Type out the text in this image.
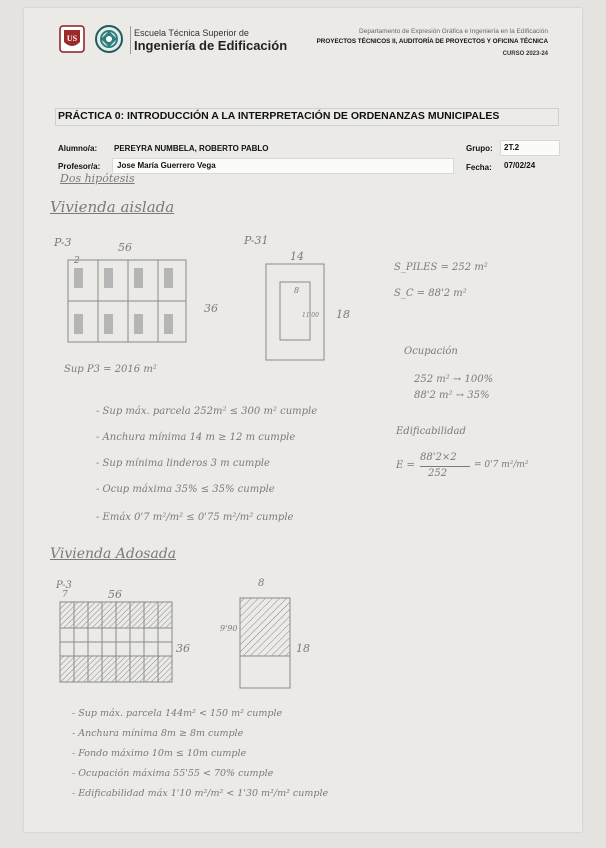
US
Escuela Técnica Superior de
Ingeniería de Edificación
Departamento de Expresión Gráfica e Ingeniería en la Edificación
PROYECTOS TÉCNICOS II, AUDITORÍA DE PROYECTOS Y OFICINA TÉCNICA
CURSO 2023-24
PRÁCTICA 0: INTRODUCCIÓN A LA INTERPRETACIÓN DE ORDENANZAS MUNICIPALES
Alumno/a: PEREYRA NUMBELA, ROBERTO PABLO	Grupo: 2T.2
Profesor/a: Jose María Guerrero Vega	Fecha: 07/02/24
Dos hipótesis
Vivienda aislada
P-3	56
36
2
P-31
14
18
8
11'00
Sup P3 = 2016 m²
S_PILES = 252 m²
S_C = 88'2 m²
Ocupación
252 m² → 100%
88'2 m² → 35%
Edificabilidad
E =
88'2×2
252
= 0'7 m²/m²
- Sup máx. parcela 252m² ≤ 300 m² cumple
- Anchura mínima 14 m ≥ 12 m cumple
- Sup mínima linderos 3 m cumple
- Ocup máxima 35% ≤ 35% cumple
- Emáx 0'7 m²/m² ≤ 0'75 m²/m² cumple
Vivienda Adosada
P-3
7	56
36
8
18
9'90
- Sup máx. parcela 144m² < 150 m² cumple
- Anchura mínima 8m ≥ 8m cumple
- Fondo máximo 10m ≤ 10m cumple
- Ocupación máxima 55'55 < 70% cumple
- Edificabilidad máx 1'10 m²/m² < 1'30 m²/m² cumple
